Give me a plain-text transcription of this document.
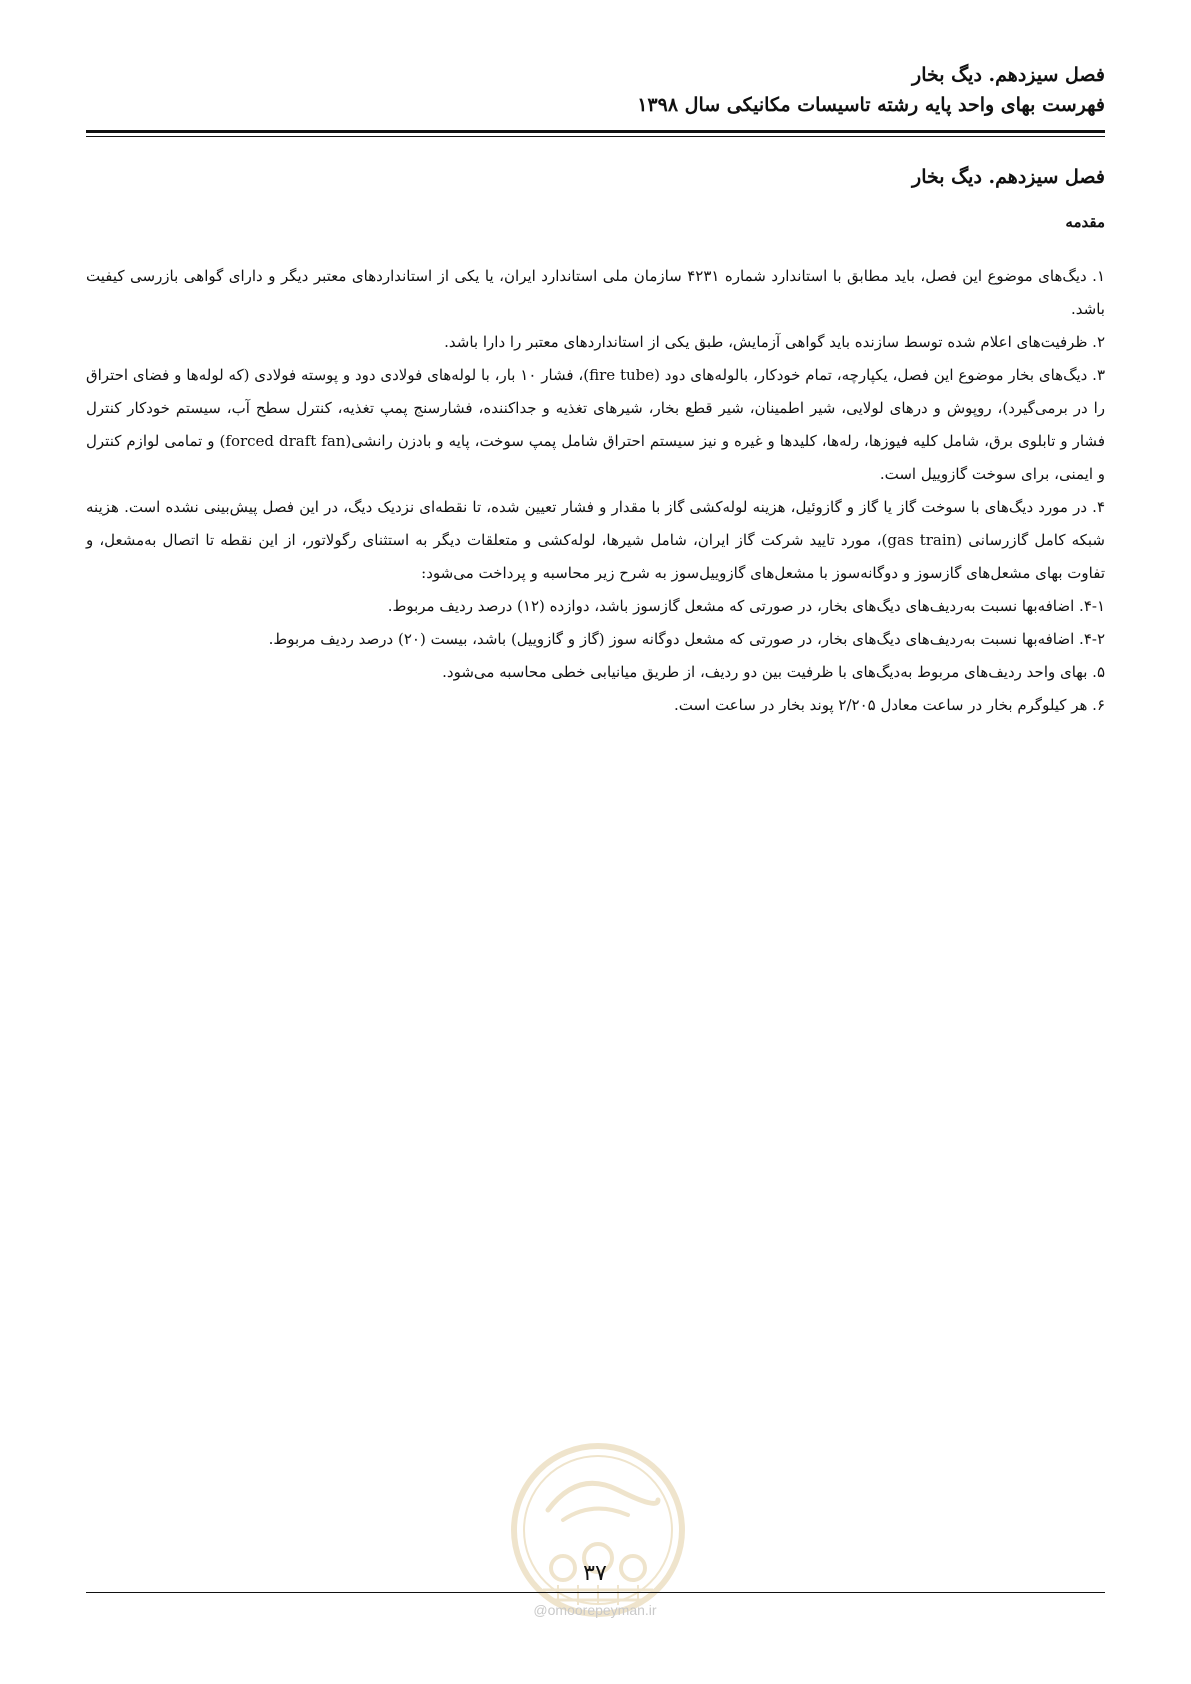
فصل سیزدهم. دیگ بخار

فهرست بهای واحد پایه رشته تاسیسات مکانیکی سال ۱۳۹۸

فصل سیزدهم. دیگ بخار
مقدمه

۱. دیگ‌های موضوع این فصل، باید مطابق با استاندارد شماره ۴۲۳۱ سازمان ملی استاندارد ایران، یا یکی از استانداردهای معتبر دیگر و دارای گواهی بازرسی کیفیت باشد.

۲. ظرفیت‌های اعلام شده توسط سازنده باید گواهی آزمایش، طبق یکی از استانداردهای معتبر را دارا باشد.

۳. دیگ‌های بخار موضوع این فصل، یکپارچه، تمام خودکار، بالوله‌های دود (fire tube)، فشار ۱۰ بار، با لوله‌های فولادی دود و پوسته فولادی (که لوله‌ها و فضای احتراق را در برمی‌گیرد)، روپوش و درهای لولایی، شیر اطمینان، شیر قطع بخار، شیرهای تغذیه و جداکننده، فشارسنج پمپ تغذیه، کنترل سطح آب، سیستم خودکار کنترل فشار و تابلوی برق، شامل کلیه فیوزها، رله‌ها، کلیدها و غیره و نیز سیستم احتراق شامل پمپ سوخت، پایه و بادزن رانشی(forced draft fan) و تمامی لوازم کنترل و ایمنی، برای سوخت گازوییل است.

۴. در مورد دیگ‌های با سوخت گاز یا گاز و گازوئیل، هزینه لوله‌کشی گاز با مقدار و فشار تعیین شده، تا نقطه‌ای نزدیک دیگ، در این فصل پیش‌بینی نشده است. هزینه شبکه کامل گازرسانی (gas train)، مورد تایید شرکت گاز ایران، شامل شیرها، لوله‌کشی و متعلقات دیگر به استثنای رگولاتور، از این نقطه تا اتصال به‌مشعل، و تفاوت بهای مشعل‌های گازسوز و دوگانه‌سوز با مشعل‌های گازوییل‌سوز به شرح زیر محاسبه و پرداخت می‌شود:

۴-۱. اضافه‌بها نسبت به‌ردیف‌های دیگ‌های بخار، در صورتی که مشعل گازسوز باشد، دوازده (۱۲) درصد ردیف مربوط.

۴-۲. اضافه‌بها نسبت به‌ردیف‌های دیگ‌های بخار، در صورتی که مشعل دوگانه سوز (گاز و گازوییل) باشد، بیست (۲۰) درصد ردیف مربوط.

۵. بهای واحد ردیف‌های مربوط به‌دیگ‌های با ظرفیت بین دو ردیف، از طریق میانیابی خطی محاسبه می‌شود.

۶. هر کیلوگرم بخار در ساعت معادل ۲/۲۰۵ پوند بخار در ساعت است.

۳۷
@omoorepeyman.ir
